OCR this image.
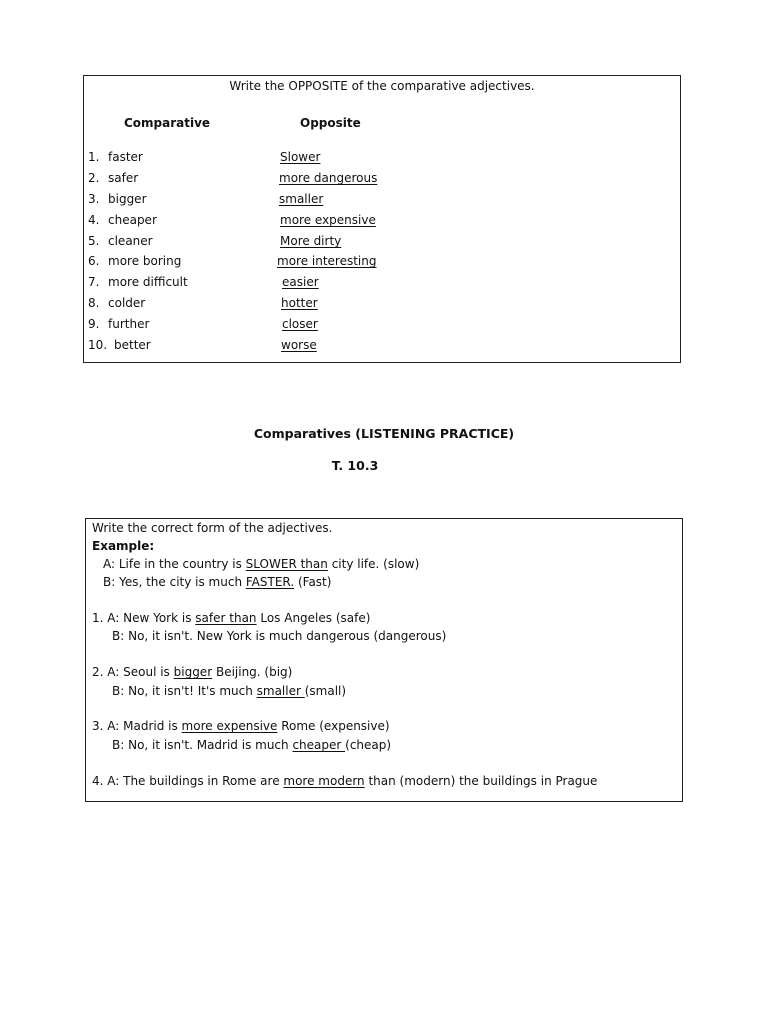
Write the OPPOSITE of the comparative adjectives.
Comparative	Opposite
1. faster	Slower
2. safer	more dangerous
3. bigger	smaller
4. cheaper	more expensive
5. cleaner	More dirty
6. more boring	more interesting
7. more difficult	easier
8. colder	hotter
9. further	closer
10. better	worse
Comparatives (LISTENING PRACTICE)
T. 10.3
Write the correct form of the adjectives.
Example:
A: Life in the country is SLOWER than city life. (slow)
B: Yes, the city is much FASTER. (Fast)
1. A: New York is safer than Los Angeles (safe)
B: No, it isn't. New York is much dangerous (dangerous)
2. A: Seoul is bigger Beijing. (big)
B: No, it isn't! It's much smaller (small)
3. A: Madrid is more expensive Rome (expensive)
B: No, it isn't. Madrid is much cheaper (cheap)
4. A: The buildings in Rome are more modern than (modern) the buildings in Prague
